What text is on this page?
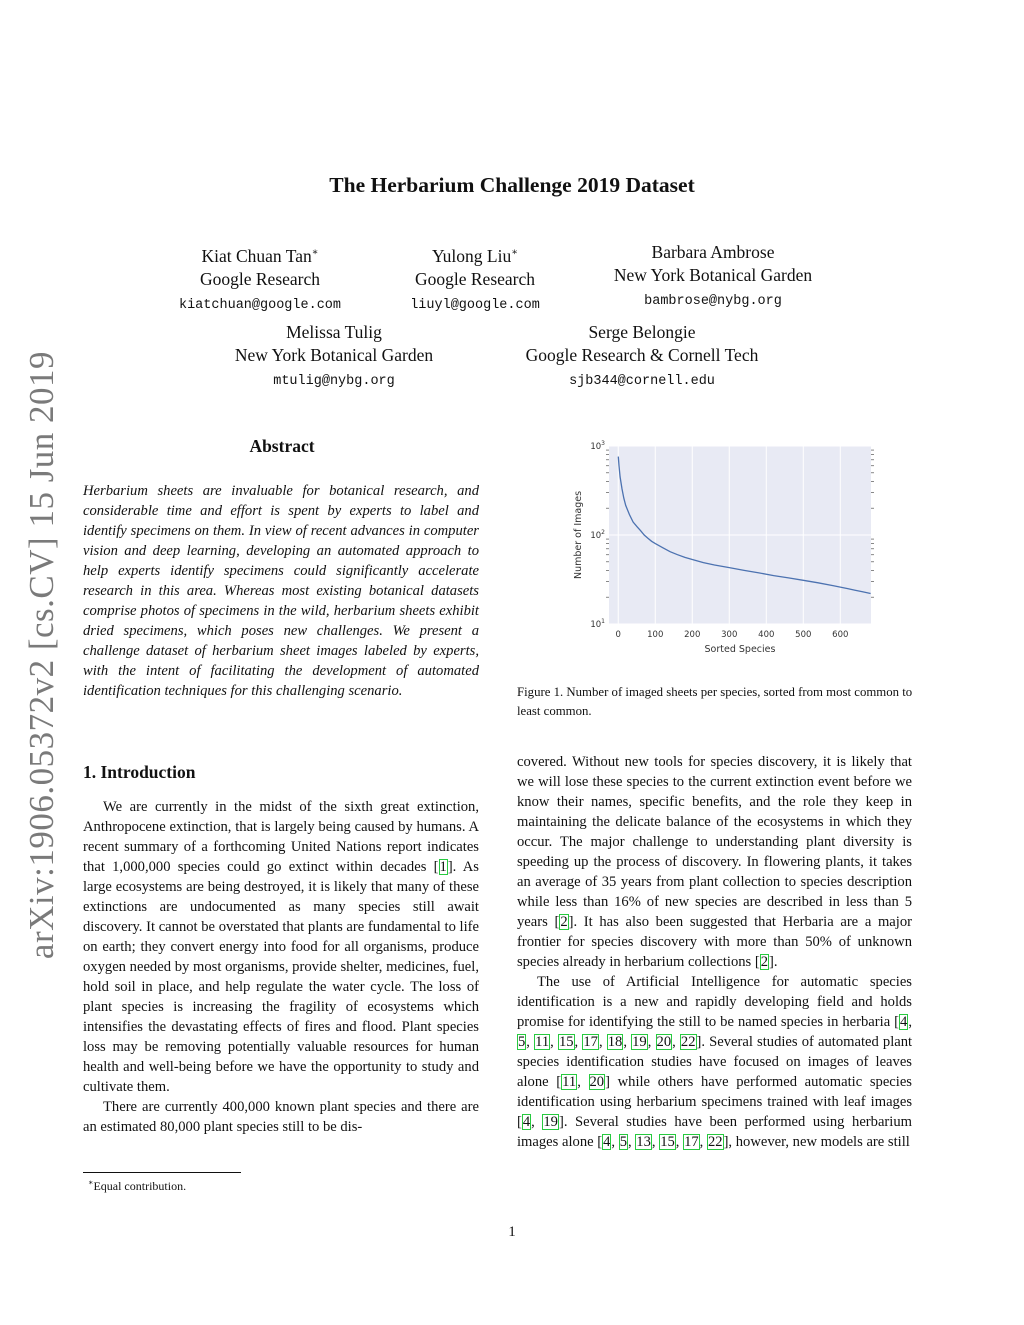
arXiv:1906.05372v2 [cs.CV] 15 Jun 2019
The Herbarium Challenge 2019 Dataset
Kiat Chuan Tan∗
Google Research
kiatchuan@google.com
Yulong Liu∗
Google Research
liuyl@google.com
Barbara Ambrose
New York Botanical Garden
bambrose@nybg.org
Melissa Tulig
New York Botanical Garden
mtulig@nybg.org
Serge Belongie
Google Research & Cornell Tech
sjb344@cornell.edu
Abstract

Herbarium sheets are invaluable for botanical research, and considerable time and effort is spent by experts to label and identify specimens on them. In view of recent advances in computer vision and deep learning, developing an automated approach to help experts identify specimens could significantly accelerate research in this area. Whereas most existing botanical datasets comprise photos of specimens in the wild, herbarium sheets exhibit dried specimens, which poses new challenges. We present a challenge dataset of herbarium sheet images labeled by experts, with the intent of facilitating the development of automated identification techniques for this challenging scenario.

1. Introduction

We are currently in the midst of the sixth great extinction, Anthropocene extinction, that is largely being caused by humans. A recent summary of a forthcoming United Nations report indicates that 1,000,000 species could go extinct within decades [1]. As large ecosystems are being destroyed, it is likely that many of these extinctions are undocumented as many species still await discovery. It cannot be overstated that plants are fundamental to life on earth; they convert energy into food for all organisms, produce oxygen needed by most organisms, provide shelter, medicines, fuel, hold soil in place, and help regulate the water cycle. The loss of plant species is increasing the fragility of ecosystems which intensifies the devastating effects of fires and flood. Plant species loss may be removing potentially valuable resources for human health and well-being before we have the opportunity to study and cultivate them.

There are currently 400,000 known plant species and there are an estimated 80,000 plant species still to be dis-

∗Equal contribution.
0	100 200 300 400 500 600
$10^1$
$10^2$
$10^3$
Sorted Species
Number of Images
Figure 1. Number of imaged sheets per species, sorted from most common to least common.

covered. Without new tools for species discovery, it is likely that we will lose these species to the current extinction event before we know their names, specific benefits, and the role they keep in maintaining the delicate balance of the ecosystems in which they occur. The major challenge to understanding plant diversity is speeding up the process of discovery. In flowering plants, it takes an average of 35 years from plant collection to species description while less than 16% of new species are described in less than 5 years [2]. It has also been suggested that Herbaria are a major frontier for species discovery with more than 50% of unknown species already in herbarium collections [2].

The use of Artificial Intelligence for automatic species identification is a new and rapidly developing field and holds promise for identifying the still to be named species in herbaria [4, 5, 11, 15, 17, 18, 19, 20, 22]. Several studies of automated plant species identification studies have focused on images of leaves alone [11, 20] while others have performed automatic species identification using herbarium specimens trained with leaf images [4, 19]. Several studies have been performed using herbarium images alone [4, 5, 13, 15, 17, 22], however, new models are still

1
